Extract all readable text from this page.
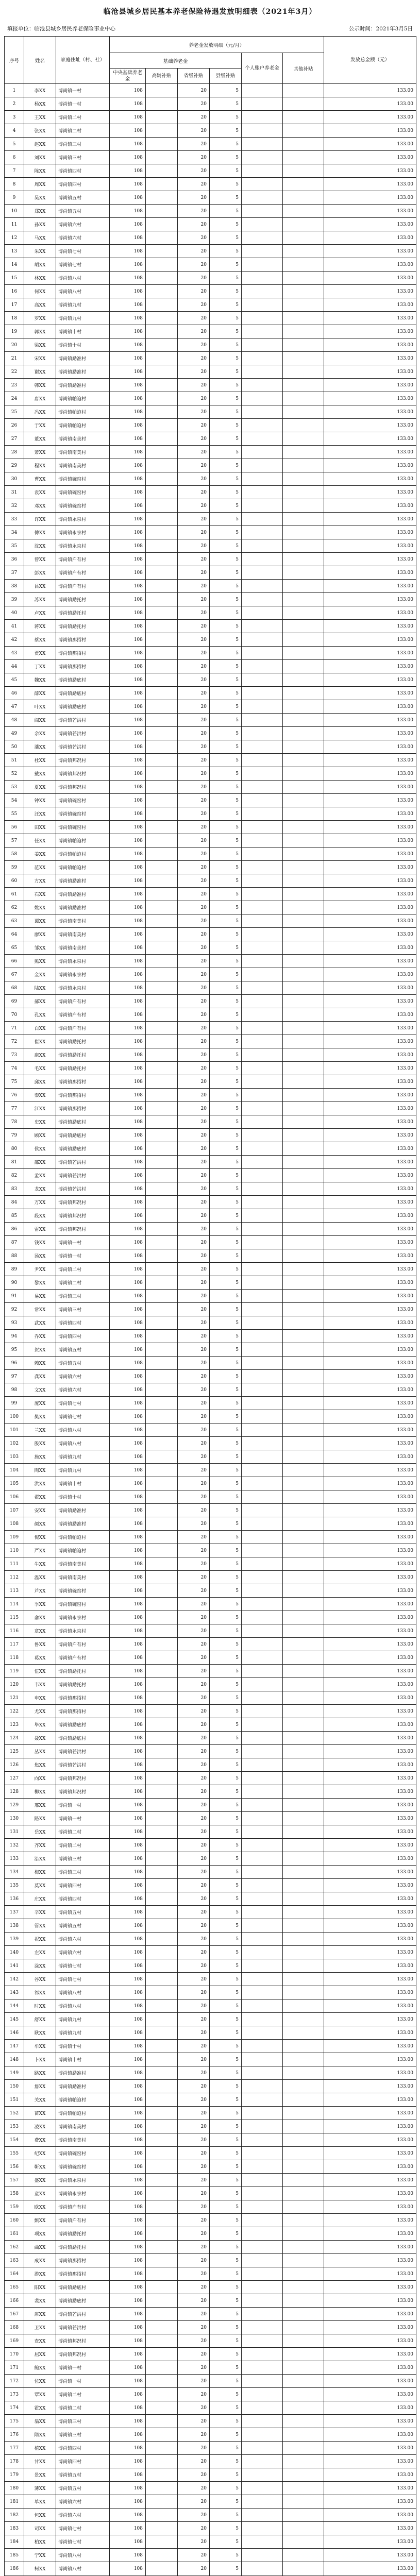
临沧县城乡居民基本养老保险待遇发放明细表（2021年3月）
填报单位：临沧县城乡居民养老保险事业中心	公示时间：2021年3月5日
序号	姓名	家庭住址（村、社）	养老金发放明细（元/月）						发放总金额（元）
			基础养老金				个人账户养老金	其他补贴	
			中央基础养老金	高龄补贴	省级补贴	县级补贴			
1	李XX	博尚镇一村	108		20	5			133.00
2	杨XX	博尚镇一村	108		20	5			133.00
3	王XX	博尚镇二村	108		20	5			133.00
4	张XX	博尚镇二村	108		20	5			133.00
5	赵XX	博尚镇三村	108		20	5			133.00
6	刘XX	博尚镇三村	108		20	5			133.00
7	陈XX	博尚镇四村	108		20	5			133.00
8	周XX	博尚镇四村	108		20	5			133.00
9	吴XX	博尚镇五村	108		20	5			133.00
10	郑XX	博尚镇五村	108		20	5			133.00
11	孙XX	博尚镇六村	108		20	5			133.00
12	马XX	博尚镇六村	108		20	5			133.00
13	朱XX	博尚镇七村	108		20	5			133.00
14	胡XX	博尚镇七村	108		20	5			133.00
15	林XX	博尚镇八村	108		20	5			133.00
16	何XX	博尚镇八村	108		20	5			133.00
17	高XX	博尚镇九村	108		20	5			133.00
18	罗XX	博尚镇九村	108		20	5			133.00
19	郭XX	博尚镇十村	108		20	5			133.00
20	梁XX	博尚镇十村	108		20	5			133.00
21	宋XX	博尚镇勐准村	108		20	5			133.00
22	谢XX	博尚镇勐准村	108		20	5			133.00
23	韩XX	博尚镇勐准村	108		20	5			133.00
24	唐XX	博尚镇帕迫村	108		20	5			133.00
25	冯XX	博尚镇帕迫村	108		20	5			133.00
26	于XX	博尚镇帕迫村	108		20	5			133.00
27	董XX	博尚镇南美村	108		20	5			133.00
28	萧XX	博尚镇南美村	108		20	5			133.00
29	程XX	博尚镇南美村	108		20	5			133.00
30	曹XX	博尚镇碗窑村	108		20	5			133.00
31	袁XX	博尚镇碗窑村	108		20	5			133.00
32	邓XX	博尚镇碗窑村	108		20	5			133.00
33	许XX	博尚镇永泉村	108		20	5			133.00
34	傅XX	博尚镇永泉村	108		20	5			133.00
35	沈XX	博尚镇永泉村	108		20	5			133.00
36	曾XX	博尚镇户有村	108		20	5			133.00
37	彭XX	博尚镇户有村	108		20	5			133.00
38	吕XX	博尚镇户有村	108		20	5			133.00
39	苏XX	博尚镇勐托村	108		20	5			133.00
40	卢XX	博尚镇勐托村	108		20	5			133.00
41	蒋XX	博尚镇勐托村	108		20	5			133.00
42	蔡XX	博尚镇那招村	108		20	5			133.00
43	贾XX	博尚镇那招村	108		20	5			133.00
44	丁XX	博尚镇那招村	108		20	5			133.00
45	魏XX	博尚镇勐底村	108		20	5			133.00
46	薛XX	博尚镇勐底村	108		20	5			133.00
47	叶XX	博尚镇勐底村	108		20	5			133.00
48	阎XX	博尚镇芒洪村	108		20	5			133.00
49	余XX	博尚镇芒洪村	108		20	5			133.00
50	潘XX	博尚镇芒洪村	108		20	5			133.00
51	杜XX	博尚镇邦况村	108		20	5			133.00
52	戴XX	博尚镇邦况村	108		20	5			133.00
53	夏XX	博尚镇邦况村	108		20	5			133.00
54	钟XX	博尚镇碗窑村	108		20	5			133.00
55	汪XX	博尚镇碗窑村	108		20	5			133.00
56	田XX	博尚镇碗窑村	108		20	5			133.00
57	任XX	博尚镇帕迫村	108		20	5			133.00
58	姜XX	博尚镇帕迫村	108		20	5			133.00
59	范XX	博尚镇帕迫村	108		20	5			133.00
60	方XX	博尚镇勐准村	108		20	5			133.00
61	石XX	博尚镇勐准村	108		20	5			133.00
62	姚XX	博尚镇勐准村	108		20	5			133.00
63	谭XX	博尚镇南美村	108		20	5			133.00
64	廖XX	博尚镇南美村	108		20	5			133.00
65	邹XX	博尚镇南美村	108		20	5			133.00
66	熊XX	博尚镇永泉村	108		20	5			133.00
67	金XX	博尚镇永泉村	108		20	5			133.00
68	陆XX	博尚镇永泉村	108		20	5			133.00
69	郝XX	博尚镇户有村	108		20	5			133.00
70	孔XX	博尚镇户有村	108		20	5			133.00
71	白XX	博尚镇户有村	108		20	5			133.00
72	崔XX	博尚镇勐托村	108		20	5			133.00
73	康XX	博尚镇勐托村	108		20	5			133.00
74	毛XX	博尚镇勐托村	108		20	5			133.00
75	邱XX	博尚镇那招村	108		20	5			133.00
76	秦XX	博尚镇那招村	108		20	5			133.00
77	江XX	博尚镇那招村	108		20	5			133.00
78	史XX	博尚镇勐底村	108		20	5			133.00
79	顾XX	博尚镇勐底村	108		20	5			133.00
80	侯XX	博尚镇勐底村	108		20	5			133.00
81	邵XX	博尚镇芒洪村	108		20	5			133.00
82	孟XX	博尚镇芒洪村	108		20	5			133.00
83	龙XX	博尚镇芒洪村	108		20	5			133.00
84	万XX	博尚镇邦况村	108		20	5			133.00
85	段XX	博尚镇邦况村	108		20	5			133.00
86	雷XX	博尚镇邦况村	108		20	5			133.00
87	钱XX	博尚镇一村	108		20	5			133.00
88	汤XX	博尚镇一村	108		20	5			133.00
89	尹XX	博尚镇二村	108		20	5			133.00
90	黎XX	博尚镇二村	108		20	5			133.00
91	易XX	博尚镇三村	108		20	5			133.00
92	常XX	博尚镇三村	108		20	5			133.00
93	武XX	博尚镇四村	108		20	5			133.00
94	乔XX	博尚镇四村	108		20	5			133.00
95	贺XX	博尚镇五村	108		20	5			133.00
96	赖XX	博尚镇五村	108		20	5			133.00
97	龚XX	博尚镇六村	108		20	5			133.00
98	文XX	博尚镇六村	108		20	5			133.00
99	庞XX	博尚镇七村	108		20	5			133.00
100	樊XX	博尚镇七村	108		20	5			133.00
101	兰XX	博尚镇八村	108		20	5			133.00
102	殷XX	博尚镇八村	108		20	5			133.00
103	施XX	博尚镇九村	108		20	5			133.00
104	陶XX	博尚镇九村	108		20	5			133.00
105	洪XX	博尚镇十村	108		20	5			133.00
106	翟XX	博尚镇十村	108		20	5			133.00
107	安XX	博尚镇勐准村	108		20	5			133.00
108	颜XX	博尚镇勐准村	108		20	5			133.00
109	倪XX	博尚镇帕迫村	108		20	5			133.00
110	严XX	博尚镇帕迫村	108		20	5			133.00
111	牛XX	博尚镇南美村	108		20	5			133.00
112	温XX	博尚镇南美村	108		20	5			133.00
113	芦XX	博尚镇碗窑村	108		20	5			133.00
114	季XX	博尚镇碗窑村	108		20	5			133.00
115	俞XX	博尚镇永泉村	108		20	5			133.00
116	章XX	博尚镇永泉村	108		20	5			133.00
117	鲁XX	博尚镇户有村	108		20	5			133.00
118	葛XX	博尚镇户有村	108		20	5			133.00
119	伍XX	博尚镇勐托村	108		20	5			133.00
120	韦XX	博尚镇勐托村	108		20	5			133.00
121	申XX	博尚镇那招村	108		20	5			133.00
122	尤XX	博尚镇那招村	108		20	5			133.00
123	毕XX	博尚镇勐底村	108		20	5			133.00
124	聂XX	博尚镇勐底村	108		20	5			133.00
125	丛XX	博尚镇芒洪村	108		20	5			133.00
126	焦XX	博尚镇芒洪村	108		20	5			133.00
127	向XX	博尚镇邦况村	108		20	5			133.00
128	柳XX	博尚镇邦况村	108		20	5			133.00
129	邢XX	博尚镇一村	108		20	5			133.00
130	路XX	博尚镇一村	108		20	5			133.00
131	岳XX	博尚镇二村	108		20	5			133.00
132	齐XX	博尚镇二村	108		20	5			133.00
133	沿XX	博尚镇三村	108		20	5			133.00
134	梅XX	博尚镇三村	108		20	5			133.00
135	莫XX	博尚镇四村	108		20	5			133.00
136	庄XX	博尚镇四村	108		20	5			133.00
137	辛XX	博尚镇五村	108		20	5			133.00
138	管XX	博尚镇五村	108		20	5			133.00
139	祝XX	博尚镇六村	108		20	5			133.00
140	左XX	博尚镇六村	108		20	5			133.00
141	涂XX	博尚镇七村	108		20	5			133.00
142	谷XX	博尚镇七村	108		20	5			133.00
143	祁XX	博尚镇八村	108		20	5			133.00
144	时XX	博尚镇八村	108		20	5			133.00
145	舒XX	博尚镇九村	108		20	5			133.00
146	耿XX	博尚镇九村	108		20	5			133.00
147	牟XX	博尚镇十村	108		20	5			133.00
148	卜XX	博尚镇十村	108		20	5			133.00
149	路XX	博尚镇勐准村	108		20	5			133.00
150	詹XX	博尚镇勐准村	108		20	5			133.00
151	关XX	博尚镇帕迫村	108		20	5			133.00
152	苗XX	博尚镇帕迫村	108		20	5			133.00
153	凌XX	博尚镇南美村	108		20	5			133.00
154	费XX	博尚镇南美村	108		20	5			133.00
155	纪XX	博尚镇碗窑村	108		20	5			133.00
156	靳XX	博尚镇碗窑村	108		20	5			133.00
157	盛XX	博尚镇永泉村	108		20	5			133.00
158	童XX	博尚镇永泉村	108		20	5			133.00
159	欧XX	博尚镇户有村	108		20	5			133.00
160	甄XX	博尚镇户有村	108		20	5			133.00
161	项XX	博尚镇勐托村	108		20	5			133.00
162	曲XX	博尚镇勐托村	108		20	5			133.00
163	成XX	博尚镇那招村	108		20	5			133.00
164	游XX	博尚镇那招村	108		20	5			133.00
165	阳XX	博尚镇勐底村	108		20	5			133.00
166	裴XX	博尚镇勐底村	108		20	5			133.00
167	席XX	博尚镇芒洪村	108		20	5			133.00
168	卫XX	博尚镇芒洪村	108		20	5			133.00
169	查XX	博尚镇邦况村	108		20	5			133.00
170	屈XX	博尚镇邦况村	108		20	5			133.00
171	鲍XX	博尚镇一村	108		20	5			133.00
172	位XX	博尚镇一村	108		20	5			133.00
173	覃XX	博尚镇二村	108		20	5			133.00
174	霍XX	博尚镇二村	108		20	5			133.00
175	翁XX	博尚镇三村	108		20	5			133.00
176	隋XX	博尚镇三村	108		20	5			133.00
177	植XX	博尚镇四村	108		20	5			133.00
178	甘XX	博尚镇四村	108		20	5			133.00
179	景XX	博尚镇五村	108		20	5			133.00
180	薄XX	博尚镇五村	108		20	5			133.00
181	单XX	博尚镇六村	108		20	5			133.00
182	包XX	博尚镇六村	108		20	5			133.00
183	司XX	博尚镇七村	108		20	5			133.00
184	柏XX	博尚镇七村	108		20	5			133.00
185	宁XX	博尚镇八村	108		20	5			133.00
186	柯XX	博尚镇八村	108		20	5			133.00
